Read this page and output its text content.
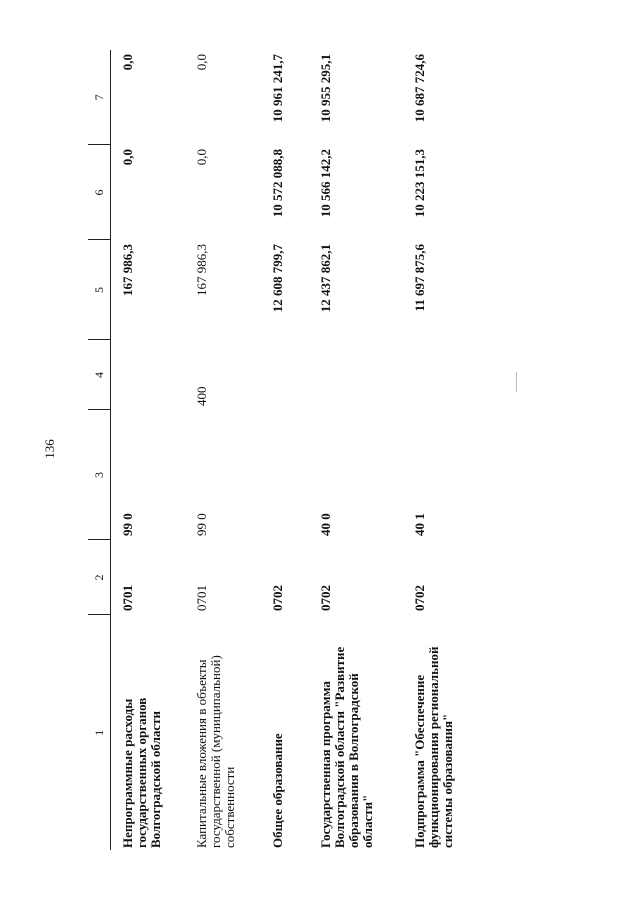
136
1	2	3	4	5	6	7
Непрограммные расходы государственных органов Волгоградской области	0701	99 0		167 986,3	0,0	0,0
Капитальные вложения в объекты государственной (муниципальной) собственности	0701	99 0	400	167 986,3	0,0	0,0
Общее образование	0702			12 608 799,7	10 572 088,8	10 961 241,7
Государственная программа Волгоградской области "Развитие образования в Волгоградской области"	0702	40 0		12 437 862,1	10 566 142,2	10 955 295,1
Подпрограмма "Обеспечение функционирования региональной системы образования"	0702	40 1		11 697 875,6	10 223 151,3	10 687 724,6
